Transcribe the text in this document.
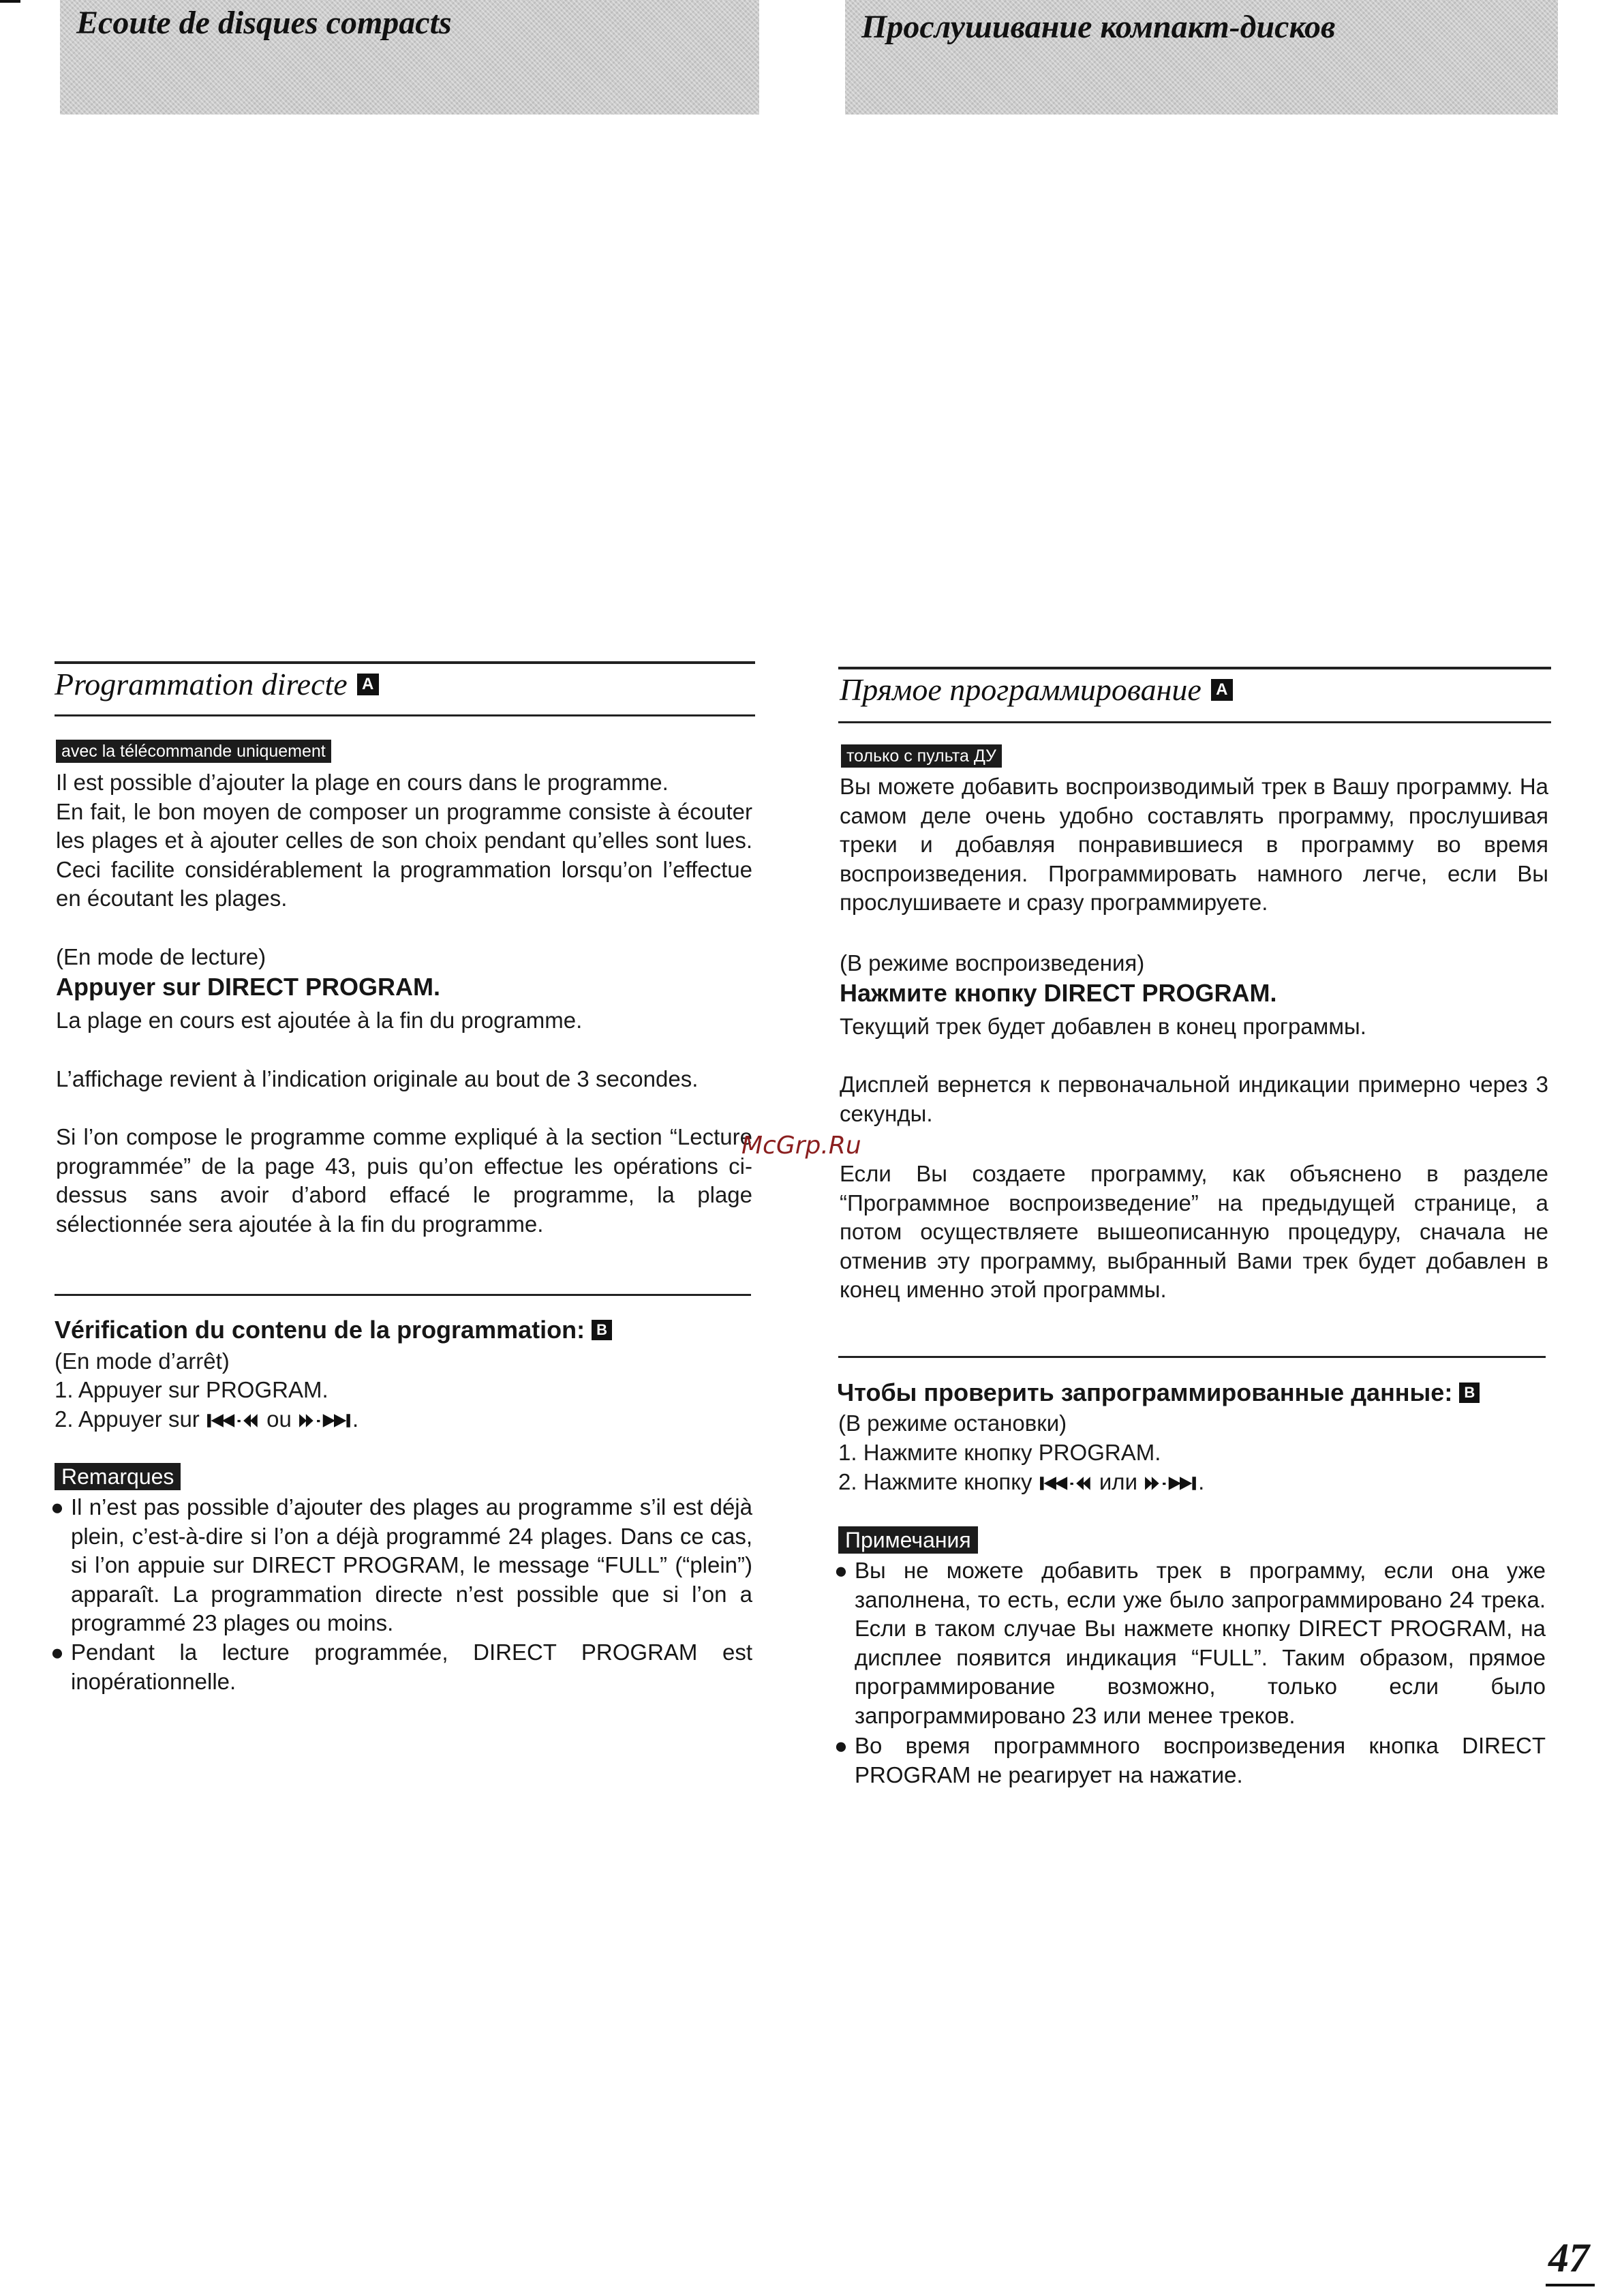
Ecoute de disques compacts	Прослушивание компакт-дисков
Programmation directe A
avec la télécommande uniquement

Il est possible d’ajouter la plage en cours dans le programme.

En fait, le bon moyen de composer un programme consiste à écouter les plages et à ajouter celles de son choix pendant qu’elles sont lues. Ceci facilite considérablement la programmation lorsqu’on l’effectue en écoutant les plages.

(En mode de lecture)
Appuyer sur DIRECT PROGRAM.
La plage en cours est ajoutée à la fin du programme.
L’affichage revient à l’indication originale au bout de 3 secondes.
Si l’on compose le programme comme expliqué à la section “Lecture programmée” de la page 43, puis qu’on effectue les opérations ci-dessus sans avoir d’abord effacé le programme, la plage sélectionnée sera ajoutée à la fin du programme.
Vérification du contenu de la programmation: B
(En mode d’arrêt)
1. Appuyer sur PROGRAM.
2. Appuyer sur	ou	.
Remarques
● Il n’est pas possible d’ajouter des plages au programme s’il est déjà plein, c’est-à-dire si l’on a déjà programmé 24 plages. Dans ce cas, si l’on appuie sur DIRECT PROGRAM, le message “FULL” (“plein”) apparaît. La programmation directe n’est possible que si l’on a programmé 23 plages ou moins.
● Pendant la lecture programmée, DIRECT PROGRAM est inopérationnelle.
Прямое программирование A
только с пульта ДУ
Вы можете добавить воспроизводимый трек в Вашу программу. На самом деле очень удобно составлять программу, прослушивая треки и добавляя понравившиеся в программу во время воспроизведения. Программировать намного легче, если Вы прослушиваете и сразу программируете.
(В режиме воспроизведения)
Нажмите кнопку DIRECT PROGRAM.
Текущий трек будет добавлен в конец программы.
Дисплей вернется к первоначальной индикации примерно через 3 секунды.
Если Вы создаете программу, как объяснено в разделе “Программное воспроизведение” на предыдущей странице, а потом осуществляете вышеописанную процедуру, сначала не отменив эту программу, выбранный Вами трек будет добавлен в конец именно этой программы.
Чтобы проверить запрограммированные данные: B
(В режиме остановки)
1. Нажмите кнопку PROGRAM.
2. Нажмите кнопку	или	.
Примечания
● Вы не можете добавить трек в программу, если она уже заполнена, то есть, если уже было запрограммировано 24 трека. Если в таком случае Вы нажмете кнопку DIRECT PROGRAM, на дисплее появится индикация “FULL”. Таким образом, прямое программирование возможно, только если было запрограммировано 23 или менее треков.
● Во время программного воспроизведения кнопка DIRECT PROGRAM не реагирует на нажатие.
McGrp.Ru
47
